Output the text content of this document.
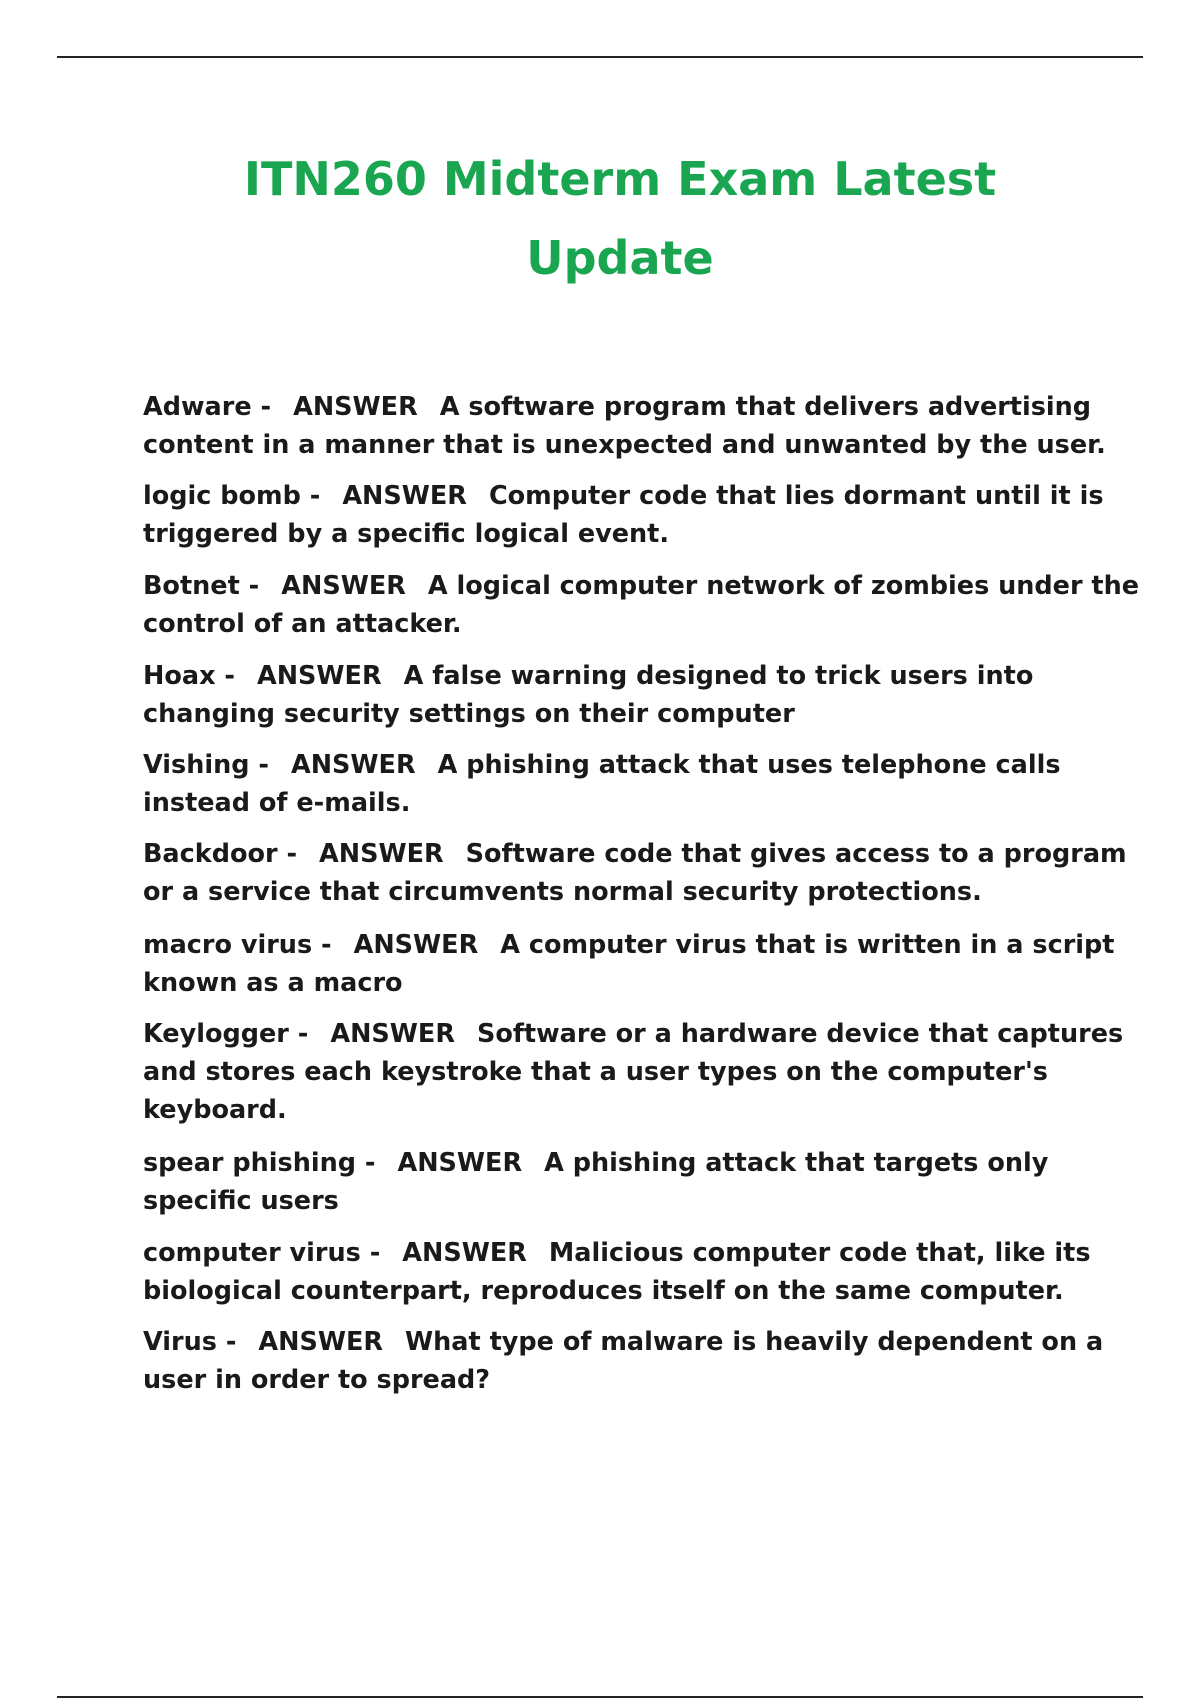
ITN260 Midterm Exam Latest
Update
Adware - ANSWER A software program that delivers advertising content in a manner that is unexpected and unwanted by the user.
logic bomb - ANSWER Computer code that lies dormant until it is triggered by a specific logical event.
Botnet - ANSWER A logical computer network of zombies under the control of an attacker.
Hoax - ANSWER A false warning designed to trick users into changing security settings on their computer
Vishing - ANSWER A phishing attack that uses telephone calls instead of e-mails.
Backdoor - ANSWER Software code that gives access to a program or a service that circumvents normal security protections.
macro virus - ANSWER A computer virus that is written in a script known as a macro
Keylogger - ANSWER Software or a hardware device that captures and stores each keystroke that a user types on the computer's keyboard.
spear phishing - ANSWER A phishing attack that targets only specific users
computer virus - ANSWER Malicious computer code that, like its biological counterpart, reproduces itself on the same computer.
Virus - ANSWER What type of malware is heavily dependent on a user in order to spread?
